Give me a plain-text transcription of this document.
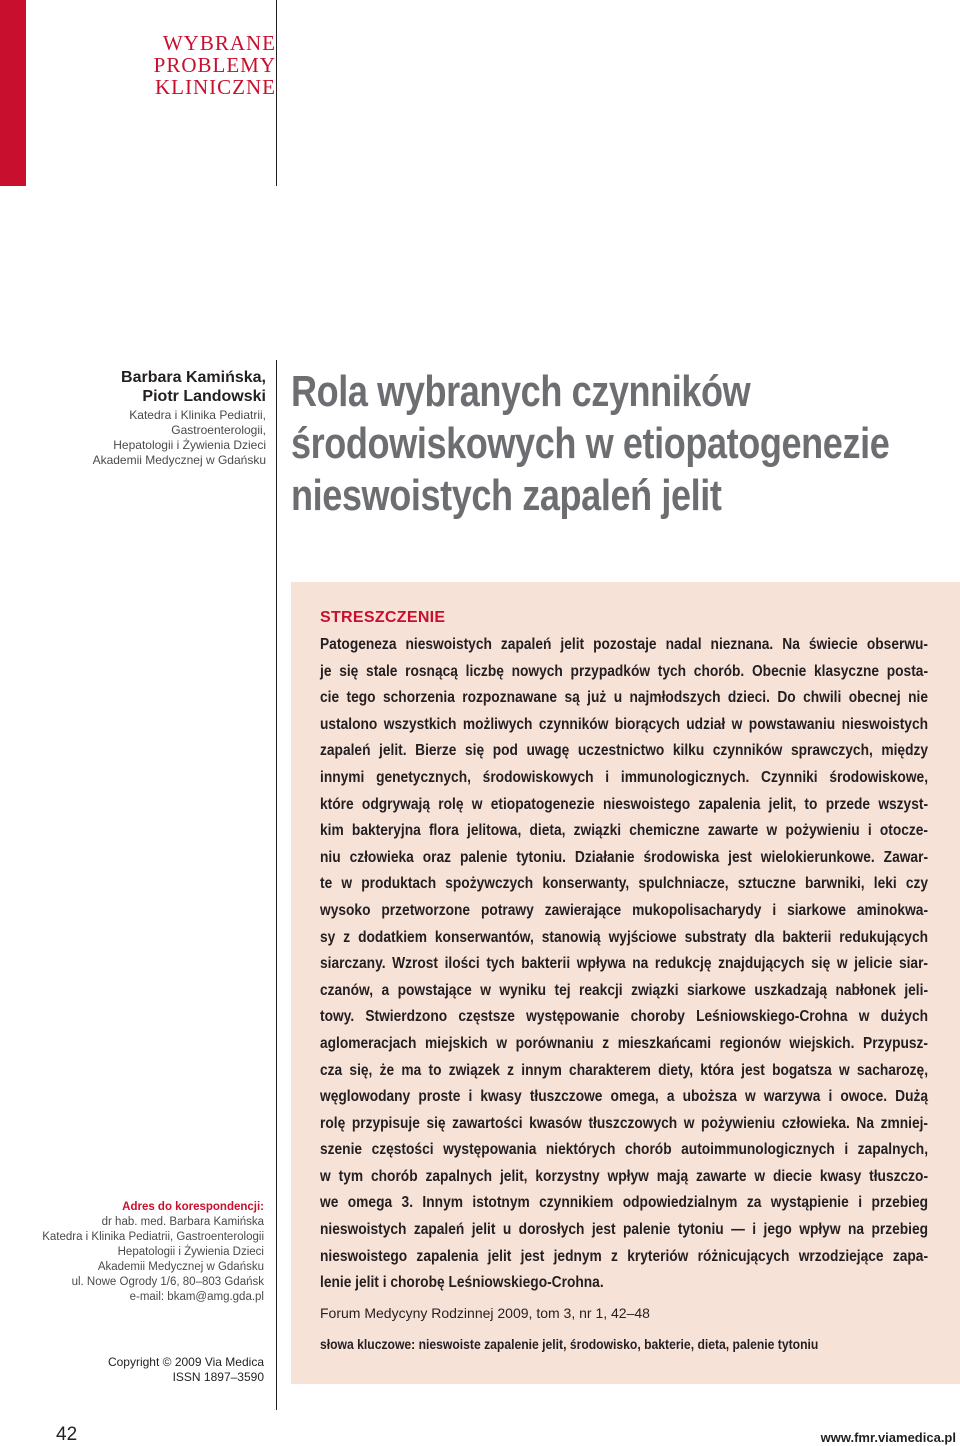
WYBRANE
PROBLEMY
KLINICZNE
Barbara Kamińska,
Piotr Landowski
Katedra i Klinika Pediatrii,
Gastroenterologii,
Hepatologii i Żywienia Dzieci
Akademii Medycznej w Gdańsku
Rola wybranych czynników
środowiskowych w etiopatogenezie
nieswoistych zapaleń jelit
STRESZCZENIE
Patogeneza nieswoistych zapaleń jelit pozostaje nadal nieznana. Na świecie obserwu-
je się stale rosnącą liczbę nowych przypadków tych chorób. Obecnie klasyczne posta-
cie tego schorzenia rozpoznawane są już u najmłodszych dzieci. Do chwili obecnej nie
ustalono wszystkich możliwych czynników biorących udział w powstawaniu nieswoistych
zapaleń jelit. Bierze się pod uwagę uczestnictwo kilku czynników sprawczych, między
innymi genetycznych, środowiskowych i immunologicznych. Czynniki środowiskowe,
które odgrywają rolę w etiopatogenezie nieswoistego zapalenia jelit, to przede wszyst-
kim bakteryjna flora jelitowa, dieta, związki chemiczne zawarte w pożywieniu i otocze-
niu człowieka oraz palenie tytoniu. Działanie środowiska jest wielokierunkowe. Zawar-
te w produktach spożywczych konserwanty, spulchniacze, sztuczne barwniki, leki czy
wysoko przetworzone potrawy zawierające mukopolisacharydy i siarkowe aminokwa-
sy z dodatkiem konserwantów, stanowią wyjściowe substraty dla bakterii redukujących
siarczany. Wzrost ilości tych bakterii wpływa na redukcję znajdujących się w jelicie siar-
czanów, a powstające w wyniku tej reakcji związki siarkowe uszkadzają nabłonek jeli-
towy. Stwierdzono częstsze występowanie choroby Leśniowskiego-Crohna w dużych
aglomeracjach miejskich w porównaniu z mieszkańcami regionów wiejskich. Przypusz-
cza się, że ma to związek z innym charakterem diety, która jest bogatsza w sacharozę,
węglowodany proste i kwasy tłuszczowe omega, a uboższa w warzywa i owoce. Dużą
rolę przypisuje się zawartości kwasów tłuszczowych w pożywieniu człowieka. Na zmniej-
szenie częstości występowania niektórych chorób autoimmunologicznych i zapalnych,
w tym chorób zapalnych jelit, korzystny wpływ mają zawarte w diecie kwasy tłuszczo-
we omega 3. Innym istotnym czynnikiem odpowiedzialnym za wystąpienie i przebieg
nieswoistych zapaleń jelit u dorosłych jest palenie tytoniu — i jego wpływ na przebieg
nieswoistego zapalenia jelit jest jednym z kryteriów różnicujących wrzodziejące zapa-
lenie jelit i chorobę Leśniowskiego-Crohna.
Forum Medycyny Rodzinnej 2009, tom 3, nr 1, 42–48
słowa kluczowe: nieswoiste zapalenie jelit, środowisko, bakterie, dieta, palenie tytoniu
Adres do korespondencji:
dr hab. med. Barbara Kamińska
Katedra i Klinika Pediatrii, Gastroenterologii
Hepatologii i Żywienia Dzieci
Akademii Medycznej w Gdańsku
ul. Nowe Ogrody 1/6, 80–803 Gdańsk
e-mail: bkam@amg.gda.pl
Copyright © 2009 Via Medica
ISSN 1897–3590
42	www.fmr.viamedica.pl
